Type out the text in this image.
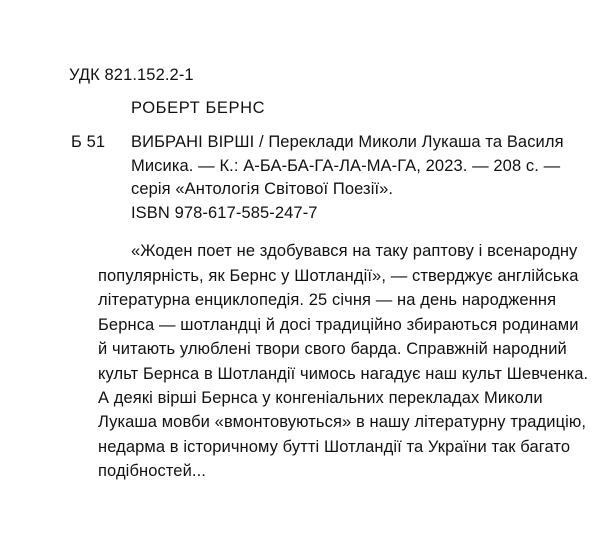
УДК 821.152.2-1
РОБЕРТ БЕРНС
Б 51 ВИБРАНІ ВІРШІ / Переклади Миколи Лукаша та Василя
Мисика. — К.: А-БА-БА-ГА-ЛА-МА-ГА, 2023. — 208 с. —
серія «Антологія Світової Поезії».
ISBN 978-617-585-247-7
«Жоден поет не здобувався на таку раптову і всенародну
популярність, як Бернс у Шотландії», — стверджує англійська
літературна енциклопедія. 25 січня — на день народження
Бернса — шотландці й досі традиційно збираються родинами
й читають улюблені твори свого барда. Справжній народний
культ Бернса в Шотландії чимось нагадує наш культ Шевченка.
А деякі вірші Бернса у конгеніальних перекладах Миколи
Лукаша мовби «вмонтовуються» в нашу літературну традицію,
недарма в історичному бутті Шотландії та України так багато
подібностей...
